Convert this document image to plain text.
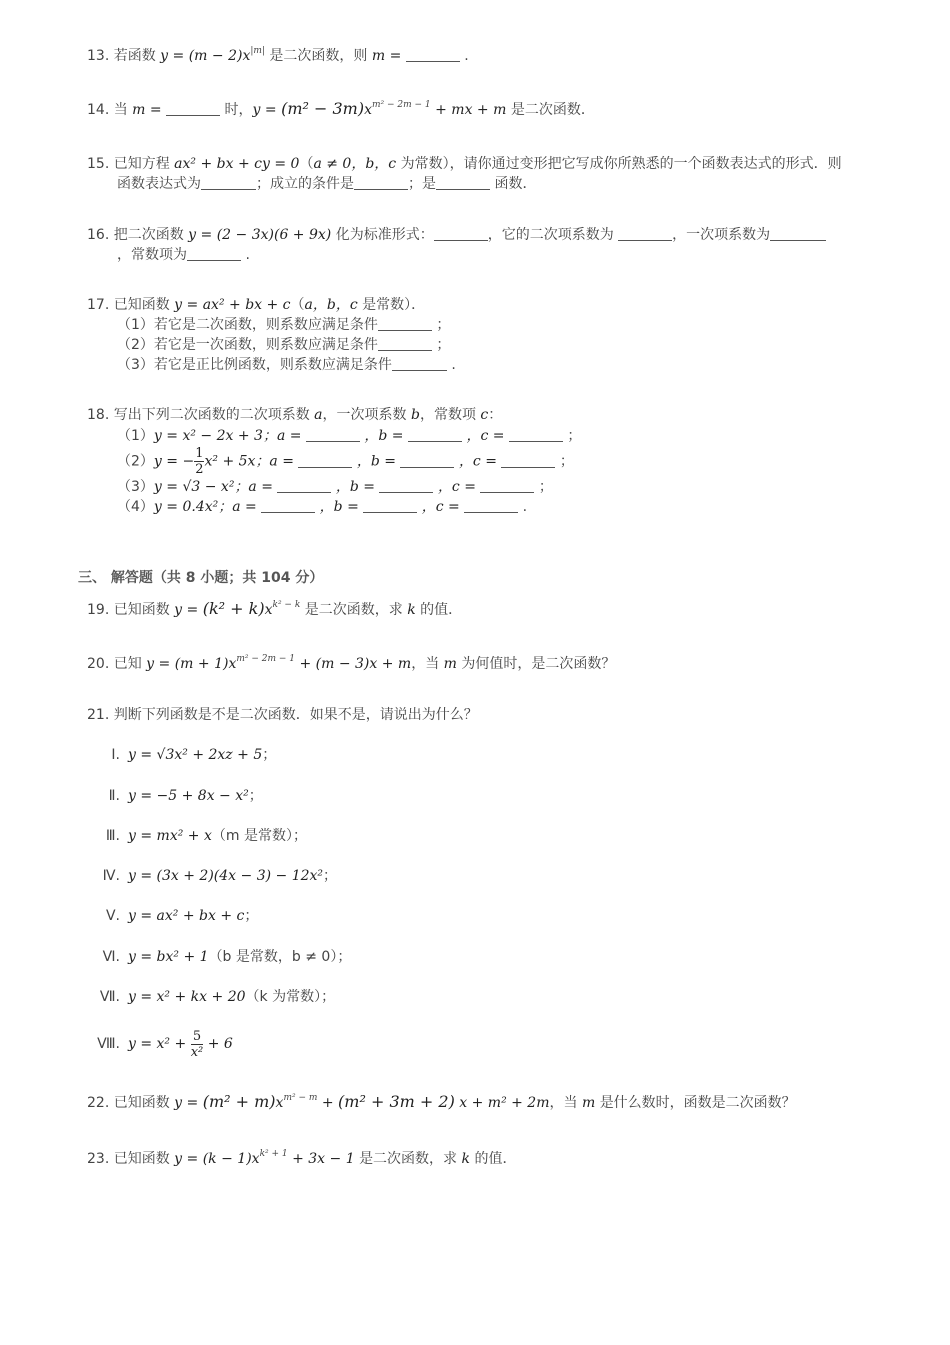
13. 若函数 $y = (m - 2)x^{|m|}$ 是二次函数，则 m =	.
14. 当 m =	时，$y = (m^2 - 3m)x^{m^2 - 2m - 1}$ + mx + m 是二次函数．
15. 已知方程 ax² + bx + cy = 0（a ≠ 0，b，c 为常数），请你通过变形把它写成你所熟悉的一个函数表达式的形式．则
函数表达式为	；成立的条件是	；是	函数．
16. 把二次函数 y = (2 − 3x)(6 + 9x) 化为标准形式：	，它的二次项系数为	，一次项系数为
，常数项为	.
17. 已知函数 y = ax² + bx + c（a，b，c 是常数）．
（1）若它是二次函数，则系数应满足条件	；
（2）若它是一次函数，则系数应满足条件	；
（3）若它是正比例函数，则系数应满足条件	.
18. 写出下列二次函数的二次项系数 a，一次项系数 b，常数项 c：
（1）y = x² − 2x + 3；a =	，b =	，c =	；
（2）y = − $\frac{1}{2} x^2 + 5x$；a =	，b =	，c =	；
（3）y = √3 − x²；a =	，b =	，c =	；
（4）y = 0.4x²；a =	，b =	，c =	.
三、 解答题（共 8 小题；共 104 分）
19. 已知函数 $y = (k^2 + k)x^{k^2 - k}$ 是二次函数，求 k 的值．
20. 已知 $y = (m + 1)x^{m^2 - 2m - 1} + (m - 3)x + m$，当 m 为何值时，是二次函数？
21. 判断下列函数是不是二次函数．如果不是，请说出为什么？
Ⅰ. y = √3x² + 2xz + 5；
Ⅱ. y = −5 + 8x − x²；
Ⅲ. y = mx² + x（m 是常数）；
Ⅳ. y = (3x + 2)(4x − 3) − 12x²；
Ⅴ. y = ax² + bx + c；
Ⅵ. y = bx² + 1（b 是常数，b ≠ 0）；
Ⅶ. y = x² + kx + 20（k 为常数）；
Ⅷ. $y = x^2 + \frac{5}{\text{x²}} + 6$
22. 已知函数 $y = (m^2 + m)x^{m^2 - m} + (m^2 + 3m + 2)$ x + m² + 2m，当 m 是什么数时，函数是二次函数？
23. 已知函数 $y = (k - 1)x^{k^2 + 1} + 3x - 1$ 是二次函数，求 k 的值．
